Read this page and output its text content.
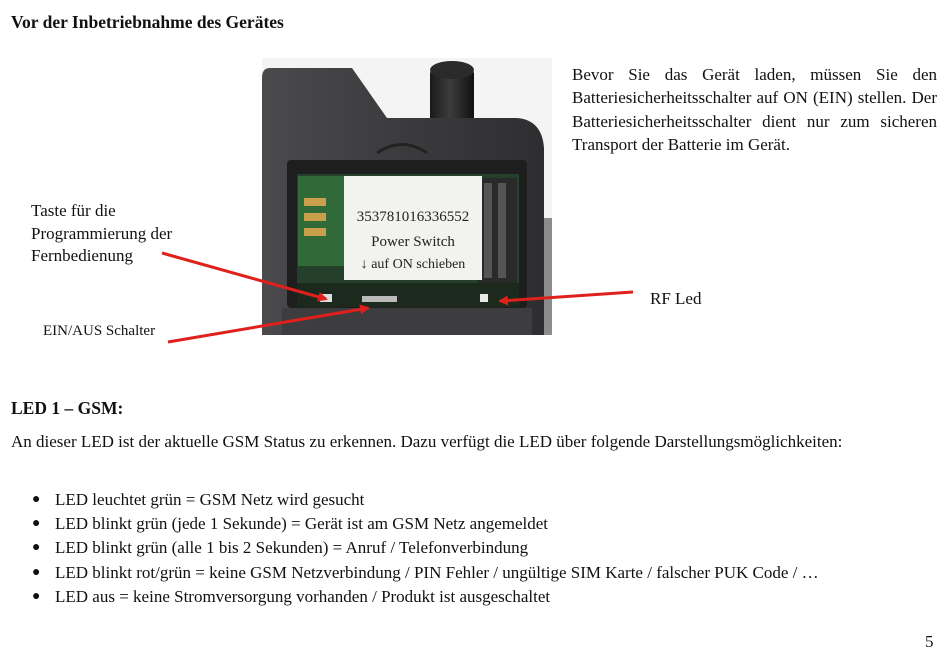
Vor der Inbetriebnahme des Gerätes
353781016336552
Power Switch
↓ auf ON schieben
Bevor Sie das Gerät laden, müssen Sie den Batteriesicherheitsschalter auf ON (EIN) stellen. Der Batteriesicherheitsschalter dient nur zum sicheren Transport der Batterie im Gerät.
Taste für die
Programmierung der
Fernbedienung
RF Led
EIN/AUS Schalter
LED 1 – GSM:
An dieser LED ist der aktuelle GSM Status zu erkennen. Dazu verfügt die LED über folgende Darstellungsmöglichkeiten:
● LED leuchtet grün = GSM Netz wird gesucht
● LED blinkt grün (jede 1 Sekunde) = Gerät ist am GSM Netz angemeldet
● LED blinkt grün (alle 1 bis 2 Sekunden) = Anruf / Telefonverbindung
● LED blinkt rot/grün = keine GSM Netzverbindung / PIN Fehler / ungültige SIM Karte / falscher PUK Code / …
● LED aus = keine Stromversorgung vorhanden / Produkt ist ausgeschaltet
5
